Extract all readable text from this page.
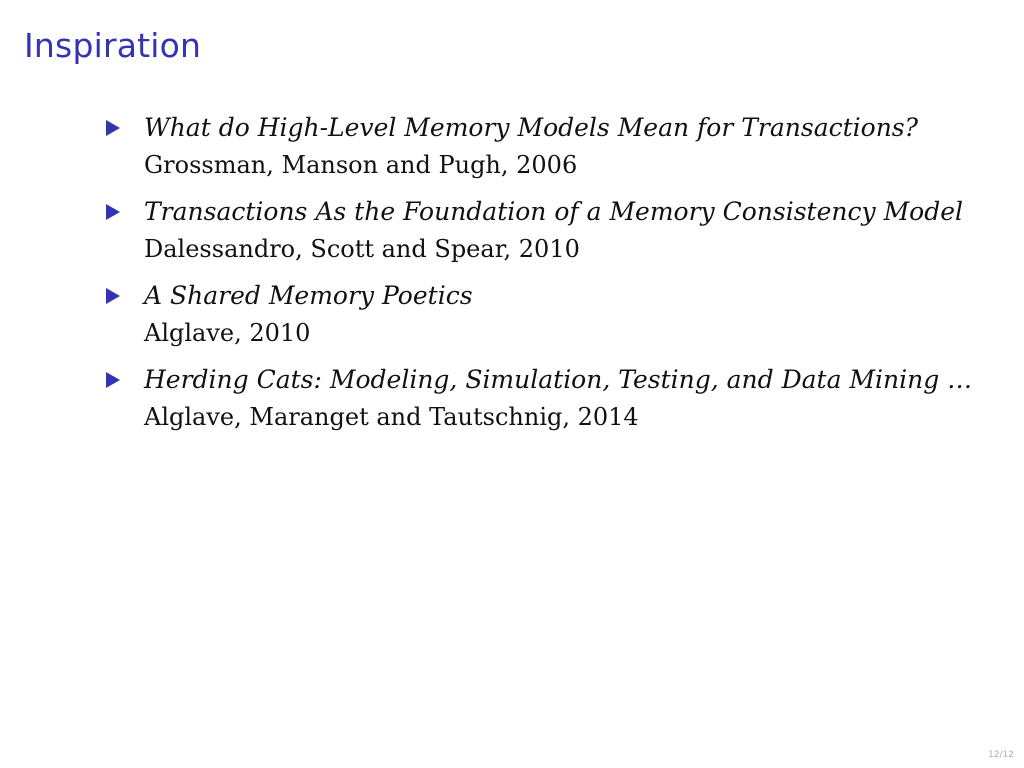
Inspiration
What do High-Level Memory Models Mean for Transactions?
Grossman, Manson and Pugh, 2006
Transactions As the Foundation of a Memory Consistency Model
Dalessandro, Scott and Spear, 2010
A Shared Memory Poetics
Alglave, 2010
Herding Cats: Modeling, Simulation, Testing, and Data Mining …
Alglave, Maranget and Tautschnig, 2014
12/12
